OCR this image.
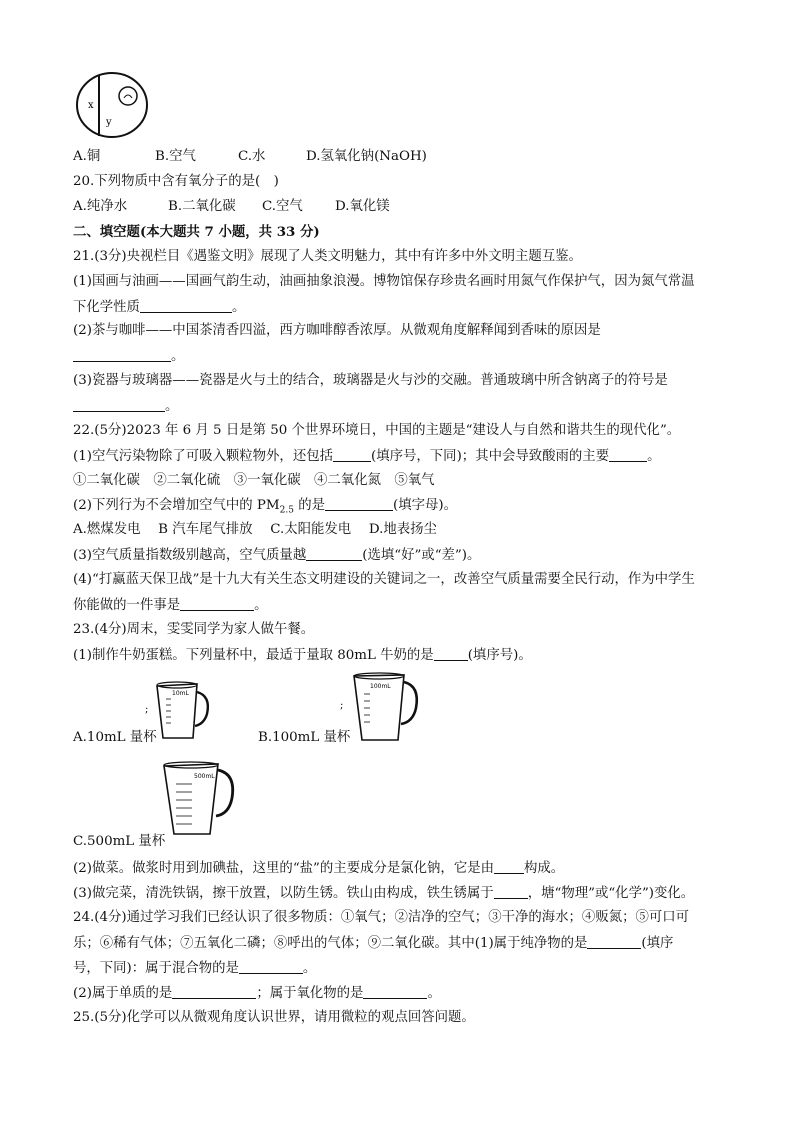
x
y
A.铜	B.空气	C.水	D.氢氧化钠(NaOH)
20.下列物质中含有氧分子的是(　)
A.纯净水	B.二氧化碳 C.空气 D.氧化镁
二、填空题(本大题共 7 小题，共 33 分)
21.(3分)央视栏目《遇鉴文明》展现了人类文明魅力，其中有许多中外文明主题互鉴。
(1)国画与油画——国画气韵生动，油画抽象浪漫。博物馆保存珍贵名画时用氮气作保护气，因为氮气常温
下化学性质	。
(2)茶与咖啡——中国茶清香四溢，西方咖啡醇香浓厚。从微观角度解释闻到香味的原因是
。
(3)瓷器与玻璃器——瓷器是火与土的结合，玻璃器是火与沙的交融。普通玻璃中所含钠离子的符号是
。
22.(5分)2023 年 6 月 5 日是第 50 个世界环境日，中国的主题是“建设人与自然和谐共生的现代化”。
(1)空气污染物除了可吸入颗粒物外，还包括	(填序号，下同)；其中会导致酸雨的主要	。
①二氧化碳　②二氧化硫　③一氧化碳　④二氧化氮　⑤氧气
(2)下列行为不会增加空气中的 $PM_{2.5}$ 的是	(填字母)。
A.燃煤发电　 B 汽车尾气排放　 C.太阳能发电　 D.地表扬尘
(3)空气质量指数级别越高，空气质量越	(选填“好”或“差”)。
(4)“打赢蓝天保卫战”是十九大有关生态文明建设的关键词之一，改善空气质量需要全民行动，作为中学生
你能做的一件事是	。
23.(4分)周末，雯雯同学为家人做午餐。
(1)制作牛奶蛋糕。下列量杯中，最适于量取 80mL 牛奶的是	(填序号)。
;
10mL
A.10mL 量杯
;
100mL
B.100mL 量杯
500mL
C.500mL 量杯
(2)做菜。做浆时用到加碘盐，这里的“盐”的主要成分是氯化钠，它是由 构成。
(3)做完菜，清洗铁锅，擦干放置，以防生锈。铁山由构成，铁生锈属于	，塘“物理”或“化学”)变化。
24.(4分)通过学习我们已经认识了很多物质：①氧气；②洁净的空气；③干净的海水；④贩氮；⑤可口可
乐；⑥稀有气体；⑦五氧化二磷；⑧呼出的气体；⑨二氧化碳。其中(1)属于纯净物的是	(填序
号，下同)：属于混合物的是	。
(2)属于单质的是	；属于氧化物的是	。
25.(5分)化学可以从微观角度认识世界，请用微粒的观点回答问题。
